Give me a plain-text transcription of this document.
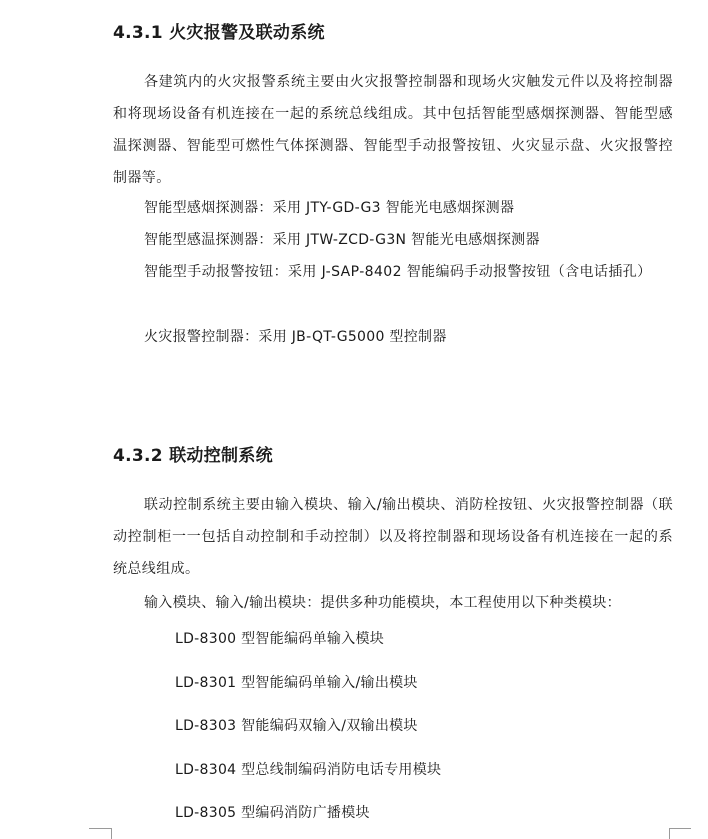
4.3.1 火灾报警及联动系统

各建筑内的火灾报警系统主要由火灾报警控制器和现场火灾触发元件以及将控制器和将现场设备有机连接在一起的系统总线组成。其中包括智能型感烟探测器、智能型感温探测器、智能型可燃性气体探测器、智能型手动报警按钮、火灾显示盘、火灾报警控制器等。

智能型感烟探测器：采用 JTY-GD-G3 智能光电感烟探测器
智能型感温探测器：采用 JTW-ZCD-G3N 智能光电感烟探测器

智能型手动报警按钮：采用 J-SAP-8402 智能编码手动报警按钮（含电话插孔）

火灾报警控制器：采用 JB-QT-G5000 型控制器
4.3.2 联动控制系统

联动控制系统主要由输入模块、输入/输出模块、消防栓按钮、火灾报警控制器（联动控制柜一一包括自动控制和手动控制）以及将控制器和现场设备有机连接在一起的系统总线组成。

输入模块、输入/输出模块：提供多种功能模块，本工程使用以下种类模块：
LD-8300 型智能编码单输入模块
LD-8301 型智能编码单输入/输出模块
LD-8303 智能编码双输入/双输出模块
LD-8304 型总线制编码消防电话专用模块
LD-8305 型编码消防广播模块
